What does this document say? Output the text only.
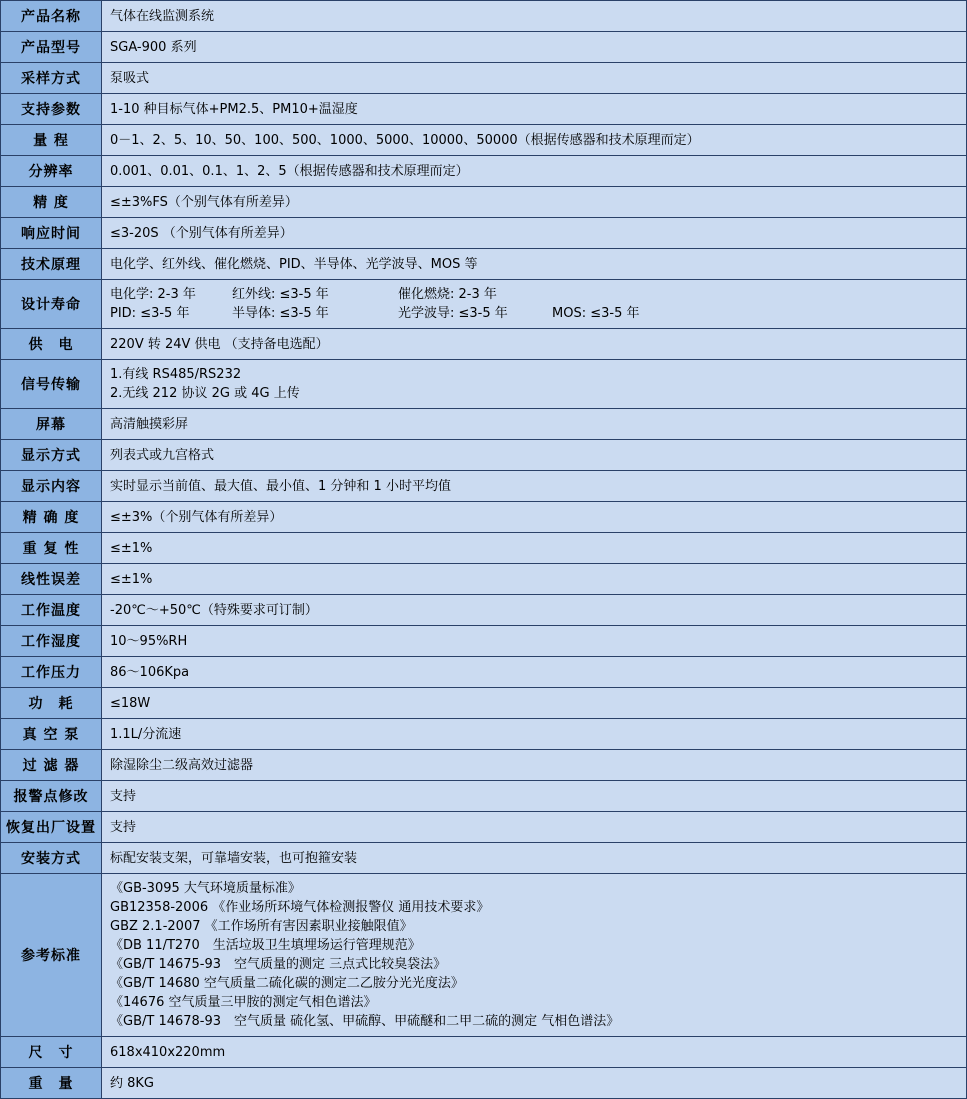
产品名称	气体在线监测系统

产品型号	SGA-900 系列

采样方式	泵吸式

支持参数	1-10 种目标气体+PM2.5、PM10+温湿度

量 程	0－1、2、5、10、50、100、500、1000、5000、10000、50000（根据传感器和技术原理而定）

分辨率	0.001、0.01、0.1、1、2、5（根据传感器和技术原理而定）

精 度	≤±3%FS（个别气体有所差异）

响应时间	≤3-20S （个别气体有所差异）

技术原理	电化学、红外线、催化燃烧、PID、半导体、光学波导、MOS 等

设计寿命	电化学: 2-3 年 红外线: ≤3-5 年 催化燃烧: 2-3 年
PID: ≤3-5 年 半导体: ≤3-5 年 光学波导: ≤3-5 年 MOS: ≤3-5 年

供　电	220V 转 24V 供电 （支持备电选配）

信号传输	1.有线 RS485/RS232
2.无线 212 协议 2G 或 4G 上传

屏幕	高清触摸彩屏

显示方式	列表式或九宫格式

显示内容	实时显示当前值、最大值、最小值、1 分钟和 1 小时平均值

精 确 度	≤±3%（个别气体有所差异）

重 复 性	≤±1%

线性误差	≤±1%

工作温度	-20℃～+50℃（特殊要求可订制）

工作湿度	10～95%RH

工作压力	86～106Kpa

功　耗	≤18W

真 空 泵	1.1L/分流速

过 滤 器	除湿除尘二级高效过滤器

报警点修改	支持

恢复出厂设置	支持

安装方式	标配安装支架，可靠墙安装，也可抱箍安装

参考标准	
《GB-3095 大气环境质量标准》
GB12358-2006 《作业场所环境气体检测报警仪 通用技术要求》
GBZ 2.1-2007 《工作场所有害因素职业接触限值》
《DB 11/T270　生活垃圾卫生填埋场运行管理规范》
《GB/T 14675-93　空气质量的测定 三点式比较臭袋法》
《GB/T 14680 空气质量二硫化碳的测定二乙胺分光光度法》
《14676 空气质量三甲胺的测定气相色谱法》
《GB/T 14678-93　空气质量 硫化氢、甲硫醇、甲硫醚和二甲二硫的测定 气相色谱法》

尺　寸	618x410x220mm

重　量	约 8KG
